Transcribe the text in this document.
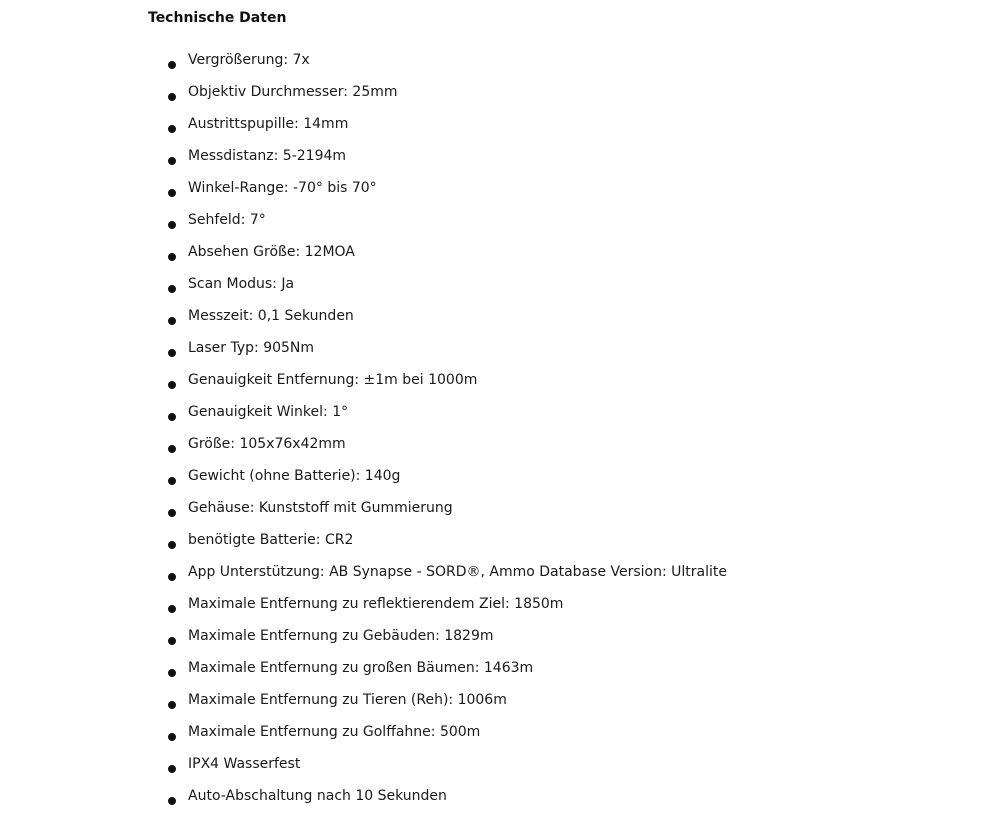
Technische Daten
Vergrößerung: 7x
Objektiv Durchmesser: 25mm
Austrittspupille: 14mm
Messdistanz: 5-2194m
Winkel-Range: -70° bis 70°
Sehfeld: 7°
Absehen Größe: 12MOA
Scan Modus: Ja
Messzeit: 0,1 Sekunden
Laser Typ: 905Nm
Genauigkeit Entfernung: ±1m bei 1000m
Genauigkeit Winkel: 1°
Größe: 105x76x42mm
Gewicht (ohne Batterie): 140g
Gehäuse: Kunststoff mit Gummierung
benötigte Batterie: CR2
App Unterstützung: AB Synapse - SORD®, Ammo Database Version: Ultralite
Maximale Entfernung zu reflektierendem Ziel: 1850m
Maximale Entfernung zu Gebäuden: 1829m
Maximale Entfernung zu großen Bäumen: 1463m
Maximale Entfernung zu Tieren (Reh): 1006m
Maximale Entfernung zu Golffahne: 500m
IPX4 Wasserfest
Auto-Abschaltung nach 10 Sekunden
